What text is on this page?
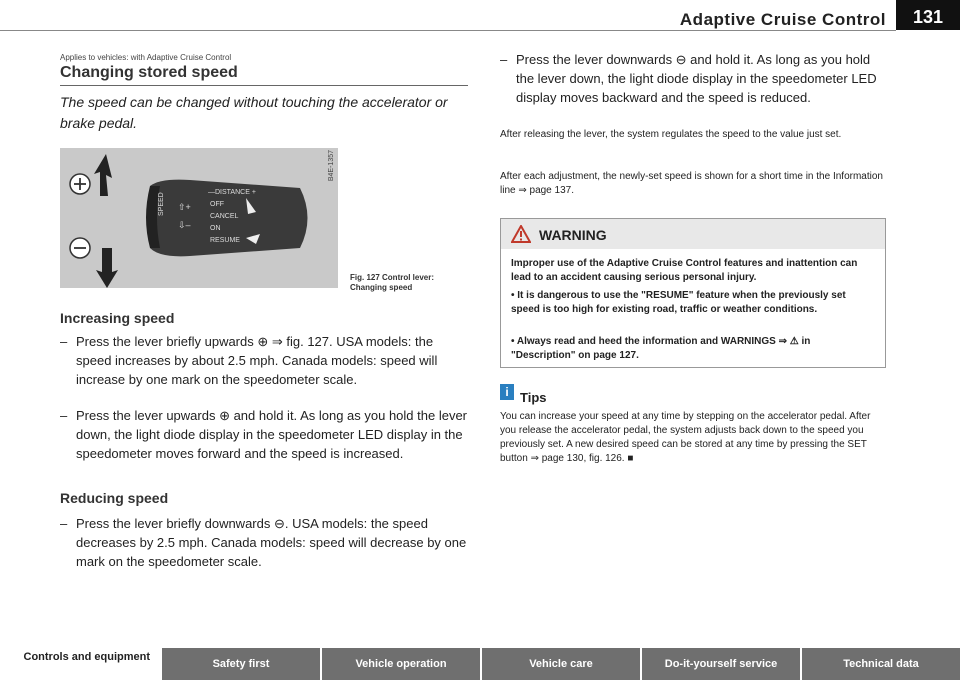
Adaptive Cruise Control	131
Applies to vehicles: with Adaptive Cruise Control
Changing stored speed
The speed can be changed without touching the accelerator or brake pedal.
—DISTANCE +
SPEED ⇧+
⇩–
OFF
CANCEL
ON
RESUME
B4E-1357
Fig. 127 Control lever:
Changing speed
Increasing speed
– Press the lever briefly upwards ⊕ ⇒ fig. 127. USA models: the speed increases by about 2.5 mph. Canada models: speed will increase by one mark on the speedometer scale.
– Press the lever upwards ⊕ and hold it. As long as you hold the lever down, the light diode display in the speedometer LED display in the speedometer moves forward and the speed is increased.
Reducing speed
– Press the lever briefly downwards ⊖. USA models: the speed decreases by 2.5 mph. Canada models: speed will decrease by one mark on the speedometer scale.
– Press the lever downwards ⊖ and hold it. As long as you hold the lever down, the light diode display in the speedometer LED display moves backward and the speed is reduced.
After releasing the lever, the system regulates the speed to the value just set.
After each adjustment, the newly-set speed is shown for a short time in the Information line ⇒ page 137.
WARNING
Improper use of the Adaptive Cruise Control features and inattention can lead to an accident causing serious personal injury.
• It is dangerous to use the "RESUME" feature when the previously set speed is too high for existing road, traffic or weather conditions.
• Always read and heed the information and WARNINGS ⇒ ⚠ in "Description" on page 127.
i Tips
You can increase your speed at any time by stepping on the accelerator pedal. After you release the accelerator pedal, the system adjusts back down to the speed you previously set. A new desired speed can be stored at any time by pressing the SET button ⇒ page 130, fig. 126. ■
Controls and equipment
Safety first	Vehicle operation	Vehicle care	Do-it-yourself service	Technical data
